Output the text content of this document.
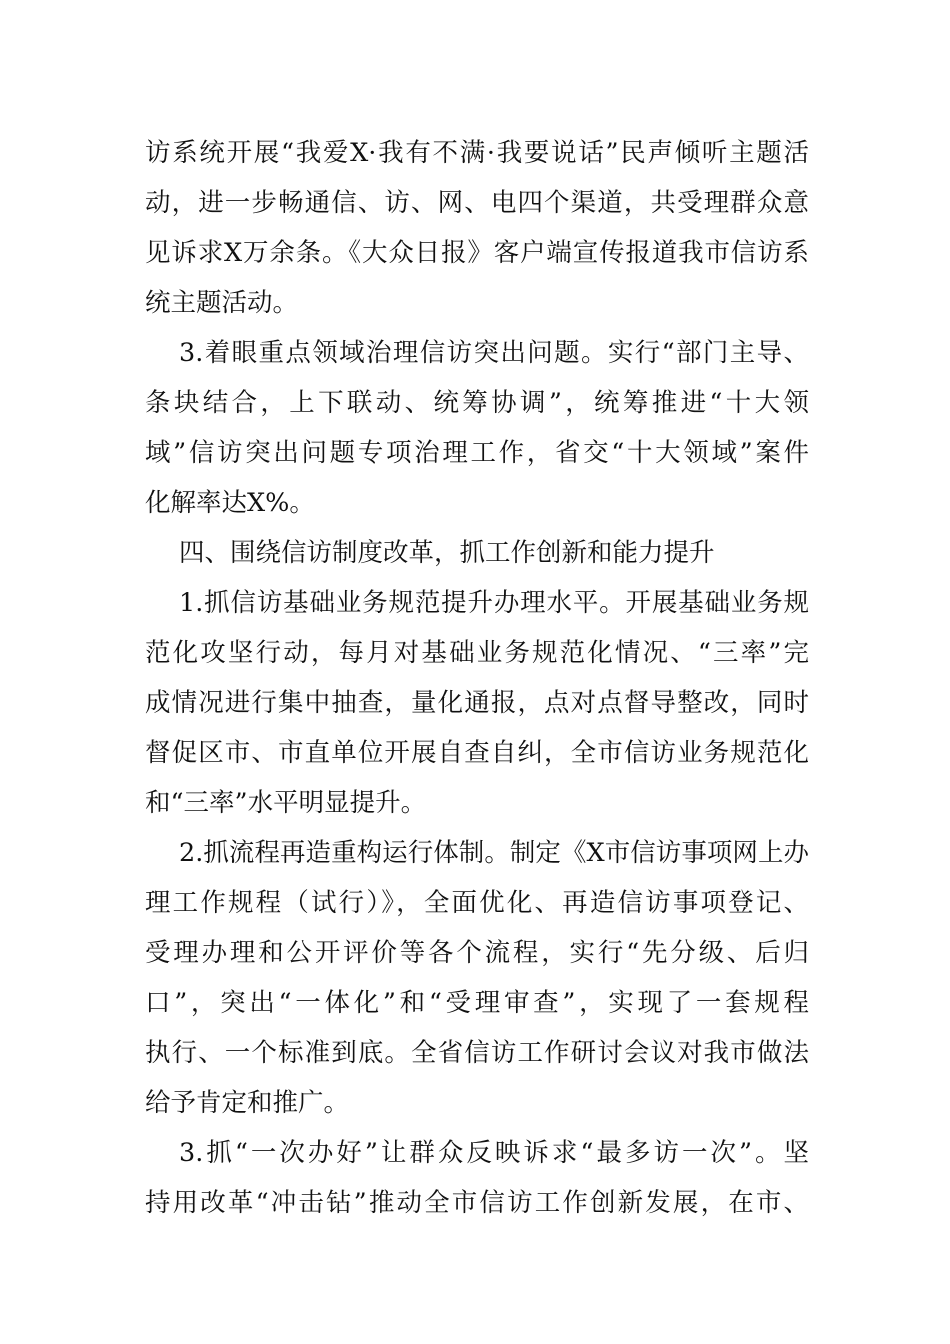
访系统开展“我爱X·我有不满·我要说话”民声倾听主题活
动，进一步畅通信、访、网、电四个渠道，共受理群众意
见诉求X万余条。《大众日报》客户端宣传报道我市信访系
统主题活动。
3.着眼重点领域治理信访突出问题。实行“部门主导、
条块结合，上下联动、统筹协调”，统筹推进“十大领
域”信访突出问题专项治理工作，省交“十大领域”案件
化解率达X%。
四、围绕信访制度改革，抓工作创新和能力提升
1.抓信访基础业务规范提升办理水平。开展基础业务规
范化攻坚行动，每月对基础业务规范化情况、“三率”完
成情况进行集中抽查，量化通报，点对点督导整改，同时
督促区市、市直单位开展自查自纠，全市信访业务规范化
和“三率”水平明显提升。
2.抓流程再造重构运行体制。制定《X市信访事项网上办
理工作规程（试行）》，全面优化、再造信访事项登记、
受理办理和公开评价等各个流程，实行“先分级、后归
口”，突出“一体化”和“受理审查”，实现了一套规程
执行、一个标准到底。全省信访工作研讨会议对我市做法
给予肯定和推广。
3.抓“一次办好”让群众反映诉求“最多访一次”。坚
持用改革“冲击钻”推动全市信访工作创新发展，在市、
